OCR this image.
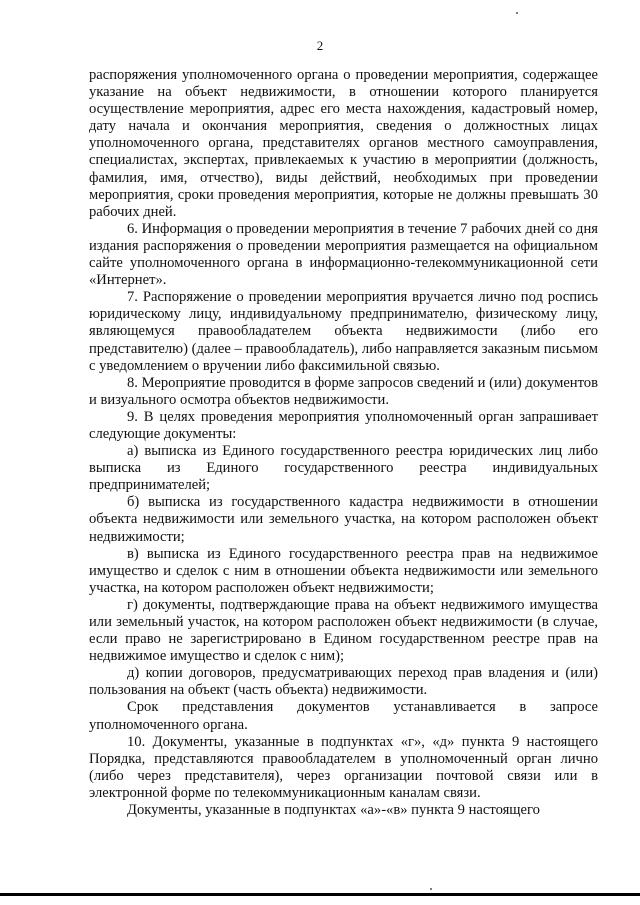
2

распоряжения уполномоченного органа о проведении мероприятия, содержащее указание на объект недвижимости, в отношении которого планируется осуществление мероприятия, адрес его места нахождения, кадастровый номер, дату начала и окончания мероприятия, сведения о должностных лицах уполномоченного органа, представителях органов местного самоуправления, специалистах, экспертах, привлекаемых к участию в мероприятии (должность, фамилия, имя, отчество), виды действий, необходимых при проведении мероприятия, сроки проведения мероприятия, которые не должны превышать 30 рабочих дней.

6. Информация о проведении мероприятия в течение 7 рабочих дней со дня издания распоряжения о проведении мероприятия размещается на официальном сайте уполномоченного органа в информационно-телекоммуникационной сети «Интернет».

7. Распоряжение о проведении мероприятия вручается лично под роспись юридическому лицу, индивидуальному предпринимателю, физическому лицу, являющемуся правообладателем объекта недвижимости (либо его представителю) (далее – правообладатель), либо направляется заказным письмом с уведомлением о вручении либо факсимильной связью.

8. Мероприятие проводится в форме запросов сведений и (или) документов и визуального осмотра объектов недвижимости.

9. В целях проведения мероприятия уполномоченный орган запрашивает следующие документы:

а) выписка из Единого государственного реестра юридических лиц либо выписка из Единого государственного реестра индивидуальных предпринимателей;

б) выписка из государственного кадастра недвижимости в отношении объекта недвижимости или земельного участка, на котором расположен объект недвижимости;

в) выписка из Единого государственного реестра прав на недвижимое имущество и сделок с ним в отношении объекта недвижимости или земельного участка, на котором расположен объект недвижимости;

г) документы, подтверждающие права на объект недвижимого имущества или земельный участок, на котором расположен объект недвижимости (в случае, если право не зарегистрировано в Едином государственном реестре прав на недвижимое имущество и сделок с ним);

д) копии договоров, предусматривающих переход прав владения и (или) пользования на объект (часть объекта) недвижимости.

Срок представления документов устанавливается в запросе уполномоченного органа.

10. Документы, указанные в подпунктах «г», «д» пункта 9 настоящего Порядка, представляются правообладателем в уполномоченный орган лично (либо через представителя), через организации почтовой связи или в электронной форме по телекоммуникационным каналам связи.

Документы, указанные в подпунктах «а»-«в» пункта 9 настоящего
